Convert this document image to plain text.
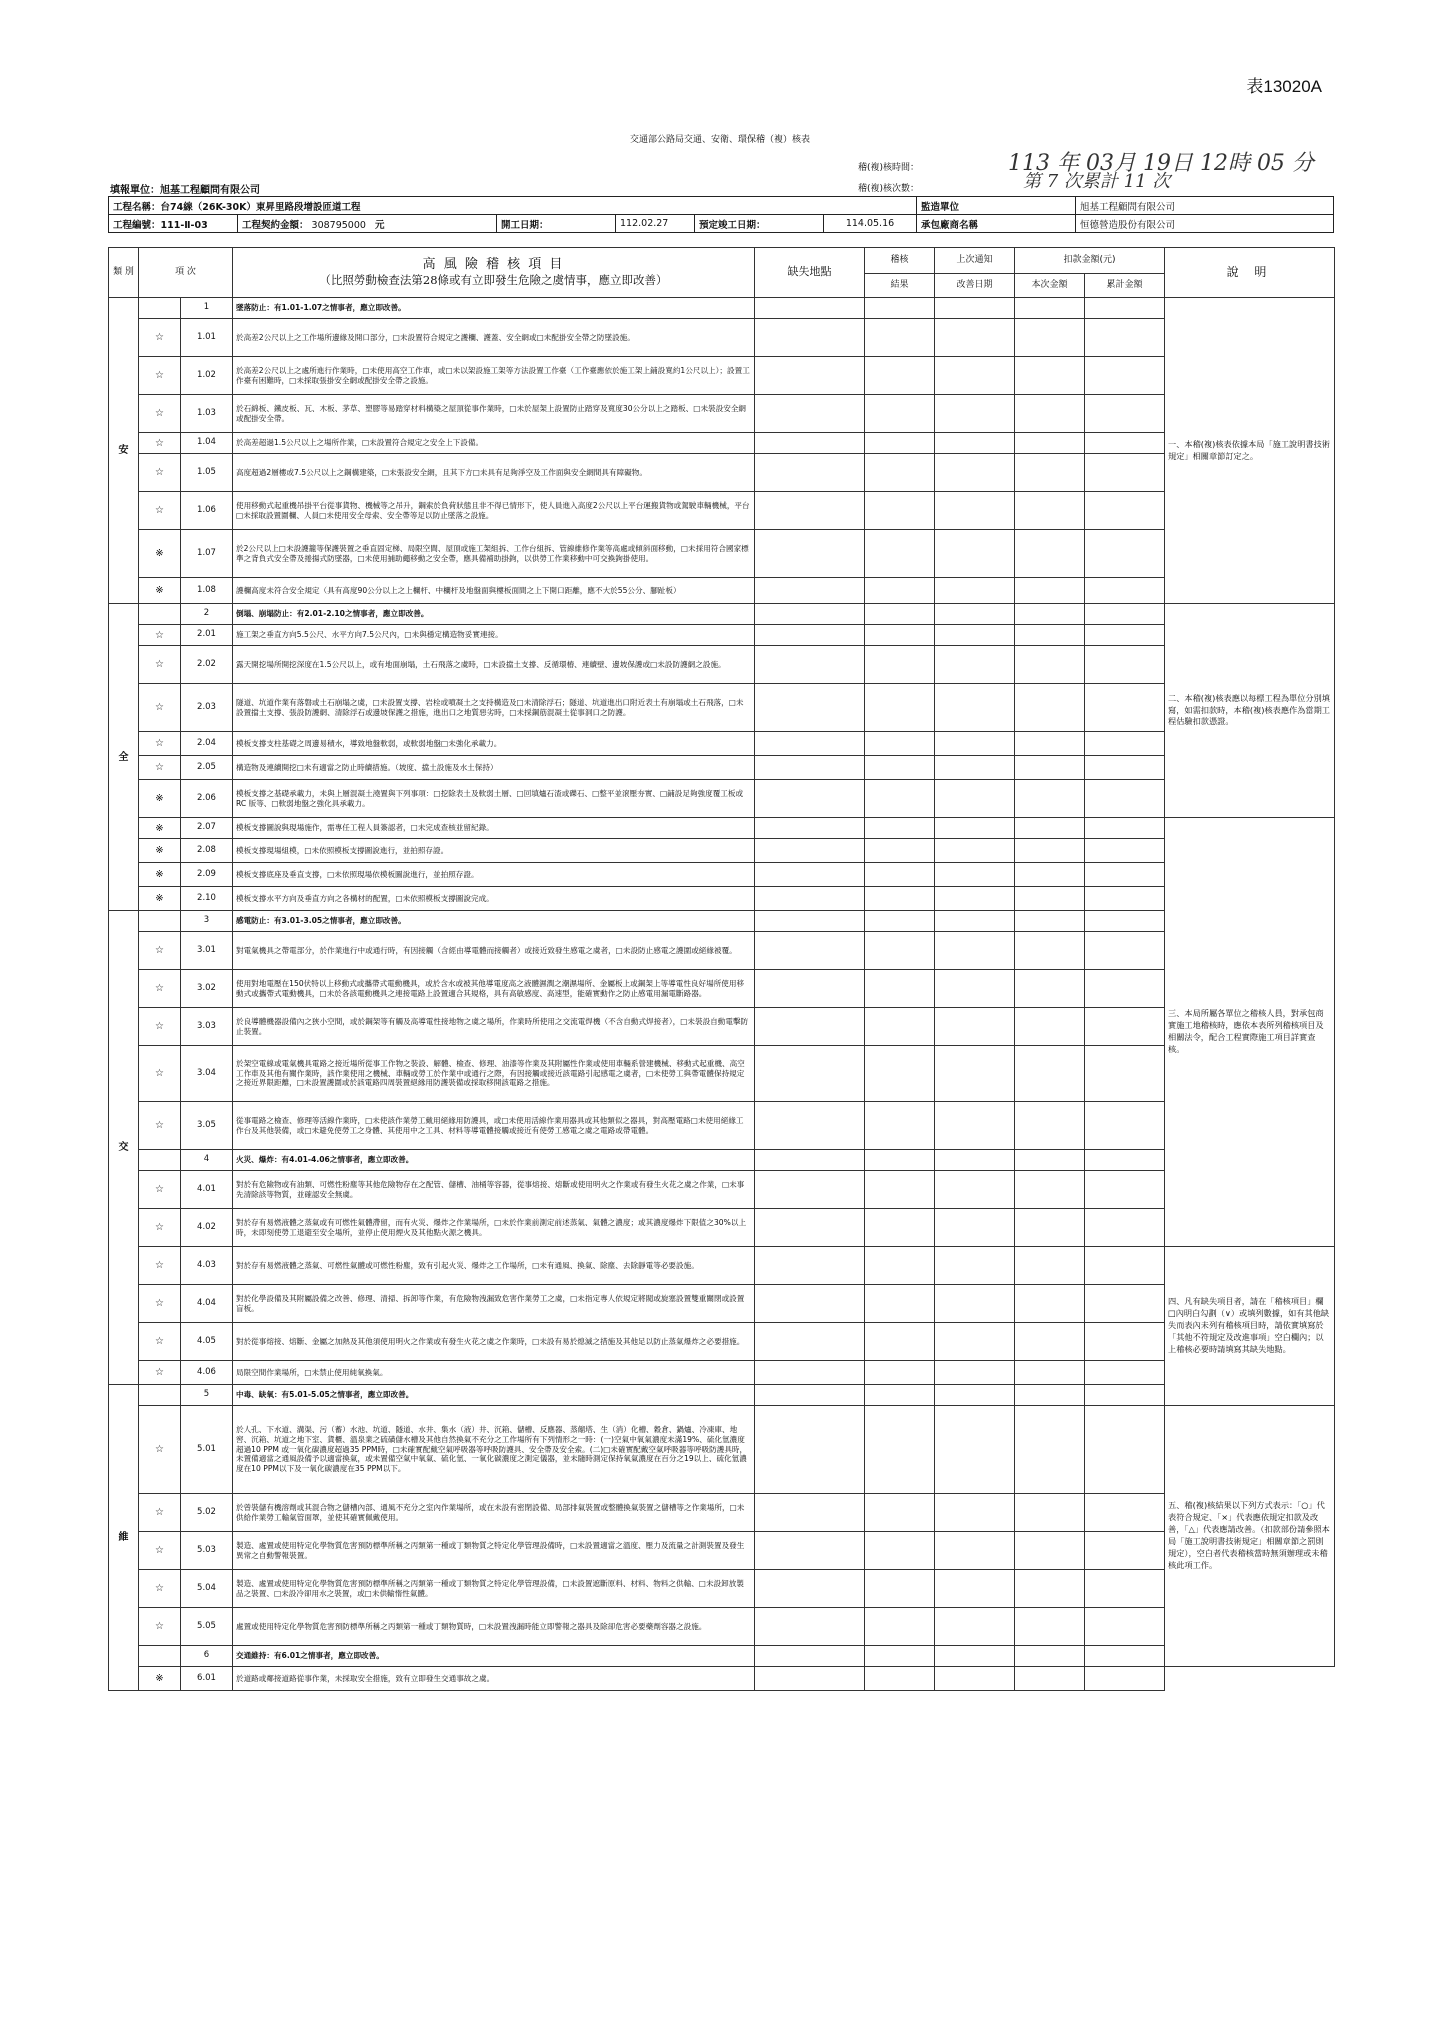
表13020A
交通部公路局交通、安衛、環保稽（複）核表
稽(複)核時間：	113 年 03月 19日 12時 05 分
稽(複)核次數：	第 7 次累計 11 次
填報單位：旭基工程顧問有限公司
工程名稱：台74線（26K-30K）東昇里路段增設匝道工程						監造單位	旭基工程顧問有限公司
工程編號：111-Ⅱ-03	工程契約金額： 308795000 元	開工日期：	112.02.27	預定竣工日期：	114.05.16	承包廠商名稱	恒德營造股份有限公司
類 別	項 次		高 風 險 稽 核 項 目
（比照勞動檢查法第28條或有立即發生危險之虞情事，應立即改善）	缺失地點	稽核	上次通知	扣款金額(元)		說 明
					結果	改善日期	本次金額	累計金額	
安		1	墜落防止：有1.01-1.07之情事者，應立即改善。						一、本稽(複)核表依據本局「施工說明書技術規定」相關章節訂定之。
	☆	1.01	於高差2公尺以上之工作場所邊緣及開口部分，□未設置符合規定之護欄、護蓋、安全網或□未配掛安全帶之防墜設施。						
	☆	1.02	於高差2公尺以上之處所進行作業時，□未使用高空工作車，或□未以架設施工架等方法設置工作臺（工作臺應依於施工架上鋪設寬約1公尺以上）；設置工作臺有困難時，□未採取張掛安全網或配掛安全帶之設施。						
	☆	1.03	於石綿板、鐵皮板、瓦、木板、茅草、塑膠等易踏穿材料構築之屋頂從事作業時，□未於屋架上設置防止踏穿及寬度30公分以上之踏板、□未裝設安全網或配掛安全帶。						
	☆	1.04	於高差超過1.5公尺以上之場所作業，□未設置符合規定之安全上下設備。						
	☆	1.05	高度超過2層樓或7.5公尺以上之鋼構建築，□未張設安全網，且其下方□未具有足夠淨空及工作面與安全網間具有障礙物。						
	☆	1.06	使用移動式起重機吊掛平台從事貨物、機械等之吊升，鋼索於負荷狀態且非不得已情形下，使人員進入高度2公尺以上平台運搬貨物或駕駛車輛機械，平台□未採取設置圍欄、人員□未使用安全母索、安全帶等足以防止墜落之設施。						
	※	1.07	於2公尺以上□未設護籠等保護裝置之垂直固定梯、局限空間、屋頂或施工架組拆、工作台組拆、管線維修作業等高處或傾斜面移動，□未採用符合國家標準之背負式安全帶及捲揚式防墜器，□未使用捕助繩移動之安全帶，應具備補助掛鉤，以供勞工作業移動中可交換鉤掛使用。						
	※	1.08	護欄高度未符合安全規定（具有高度90公分以上之上欄杆、中欄杆及地盤面與樓板面間之上下開口距離，應不大於55公分、腳趾板）						
全		2	倒塌、崩塌防止：有2.01-2.10之情事者，應立即改善。						二、本稽(複)核表應以每標工程為單位分別填寫，如需扣款時，本稽(複)核表應作為當期工程估驗扣款憑證。
	☆	2.01	施工架之垂直方向5.5公尺、水平方向7.5公尺內，□未與穩定構造物妥實連接。						
	☆	2.02	露天開挖場所開挖深度在1.5公尺以上，或有地面崩塌，土石飛落之虞時，□未設擋土支撐、反循環樁、連續壁、邊坡保護或□未設防護網之設施。						
	☆	2.03	隧道、坑道作業有落磐或土石崩塌之虞，□未設置支撐、岩栓或噴凝土之支持構造及□未清除浮石；隧道、坑道進出口附近表土有崩塌或土石飛落，□未設置擋土支撐、張設防護網、清除浮石或邊坡保護之措施，進出口之地質惡劣時，□未採鋼筋混凝土從事洞口之防護。						
	☆	2.04	模板支撐支柱基礎之周邊易積水，導致地盤軟弱，或軟弱地盤□未強化承載力。						
	☆	2.05	構造物及連續開挖□未有適當之防止時續措施。（坡度、擋土設施及水土保持）						
	※	2.06	模板支撐之基礎承載力，未與上層混凝土澆置與下列事項：□挖除表土及軟弱土層、□回填爐石渣或礫石、□整平並滾壓夯實、□鋪設足夠強度覆工板或RC 版等、□軟弱地盤之強化具承載力。						
	※	2.07	模板支撐圖說與現場施作，需專任工程人員簽認者，□未完成查核並留紀錄。						三、本局所屬各單位之稽核人員，對承包商實施工地稽核時，應依本表所列稽核項目及相關法令，配合工程實際施工項目詳實查核。
	※	2.08	模板支撐現場組模，□未依照模板支撐圖說進行，並拍照存證。						
	※	2.09	模板支撐底座及垂直支撐，□未依照現場依模板圖說進行，並拍照存證。						
	※	2.10	模板支撐水平方向及垂直方向之各構材的配置，□未依照模板支撐圖說完成。						
交		3	感電防止：有3.01-3.05之情事者，應立即改善。						
	☆	3.01	對電氣機具之帶電部分，於作業進行中或通行時，有因接觸（含經由導電體而接觸者）或接近致發生感電之虞者，□未設防止感電之護圍或絕緣被覆。						
	☆	3.02	使用對地電壓在150伏特以上移動式或攜帶式電動機具，或於含水或被其他導電度高之液體濕潤之潮濕場所、金屬板上或鋼架上等導電性良好場所使用移動式或攜帶式電動機具，□未於各該電動機具之連接電路上設置適合其規格，具有高敏感度、高速型，能確實動作之防止感電用漏電斷路器。						
	☆	3.03	於良導體機器設備內之狹小空間，或於鋼架等有觸及高導電性接地物之虞之場所，作業時所使用之交流電焊機（不含自動式焊接者），□未裝設自動電擊防止裝置。						
	☆	3.04	於架空電線或電氣機具電路之接近場所從事工作物之裝設、解體、檢查、修理、油漆等作業及其附屬性作業或使用車輛系營建機械、移動式起重機、高空工作車及其他有關作業時，該作業使用之機械、車輛或勞工於作業中或通行之際，有因接觸或接近該電路引起感電之虞者，□未使勞工與帶電體保持規定之接近界限距離，□未設置護圍或於該電路四周裝置絕緣用防護裝備或採取移開該電路之措施。						
	☆	3.05	從事電路之檢查、修理等活線作業時，□未使該作業勞工戴用絕緣用防護具，或□未使用活線作業用器具或其他類似之器具，對高壓電路□未使用絕緣工作台及其他裝備，或□未避免使勞工之身體、其使用中之工具、材料等導電體接觸或接近有使勞工感電之虞之電路或帶電體。						
		4	火災、爆炸：有4.01-4.06之情事者，應立即改善。						
	☆	4.01	對於有危險物或有油類、可燃性粉塵等其他危險物存在之配管、儲槽、油桶等容器，從事熔接、熔斷或使用明火之作業或有發生火花之虞之作業，□未事先清除該等物質，並確認安全無虞。						
	☆	4.02	對於存有易燃液體之蒸氣或有可燃性氣體滯留，而有火災、爆炸之作業場所，□未於作業前測定前述蒸氣、氣體之濃度；或其濃度爆炸下限值之30%以上時，未即刻使勞工退避至安全場所，並停止使用煙火及其他點火源之機具。						
	☆	4.03	對於存有易燃液體之蒸氣、可燃性氣體或可燃性粉塵，致有引起火災、爆炸之工作場所，□未有通風、換氣、除塵、去除靜電等必要設施。						四、凡有缺失項目者，請在「稽核項目」欄□內明白勾劃（∨）或填列數據，如有其他缺失而表內未列有稽核項目時，請依實填寫於「其他不符規定及改進事項」空白欄內；以上稽核必要時請填寫其缺失地點。
	☆	4.04	對於化學設備及其附屬設備之改善、修理、清掃、拆卸等作業，有危險物洩漏致危害作業勞工之虞，□未指定專人依規定將閥或旋塞設置雙重關閉或設置盲板。						
	☆	4.05	對於從事熔接、熔斷、金屬之加熱及其他須使用明火之作業或有發生火花之虞之作業時，□未設有易於熄滅之措施及其他足以防止蒸氣爆炸之必要措施。						
	☆	4.06	局限空間作業場所，□未禁止使用純氧換氣。						
維		5	中毒、缺氧：有5.01-5.05之情事者，應立即改善。						
	☆	5.01	於人孔、下水道、溝渠、污（蓄）水池、坑道、隧道、水井、集水（液）井、沉箱、儲槽、反應器、蒸餾塔、生（消）化槽、穀倉、鍋爐、冷凍庫、地窖、沉箱、坑道之地下室、貨櫃、溫泉業之硫磺儲水槽及其他自然換氣不充分之工作場所有下列情形之一時：(一)空氣中氧氣濃度未滿19%、硫化氫濃度超過10 PPM 或一氧化碳濃度超過35 PPM時，□未確實配戴空氣呼吸器等呼吸防護具、安全帶及安全索。(二)□未確實配戴空氣呼吸器等呼吸防護具時，未置備適當之通風設備予以適當換氣，或未置備空氣中氧氣、硫化氫、一氧化碳濃度之測定儀器，並未隨時測定保持氧氣濃度在百分之19以上、硫化氫濃度在10 PPM以下及一氧化碳濃度在35 PPM以下。						五、稽(複)核結果以下列方式表示：「○」代表符合規定、「×」代表應依規定扣款及改善，「△」代表應請改善。（扣款部份請參照本局「施工說明書技術規定」相關章節之罰則規定），空白者代表稽核當時無須辦理或未稽核此項工作。
	☆	5.02	於曾裝儲有機溶劑或其混合物之儲槽內部、通風不充分之室內作業場所，或在未設有密閉設備、局部排氣裝置或整體換氣裝置之儲槽等之作業場所，□未供給作業勞工輸氣管面罩，並使其確實佩戴使用。						
	☆	5.03	製造、處置或使用特定化學物質危害預防標準所稱之丙類第一種或丁類物質之特定化學管理設備時，□未設置適當之溫度、壓力及流量之計測裝置及發生異常之自動警報裝置。						
	☆	5.04	製造、處置或使用特定化學物質危害預防標準所稱之丙類第一種或丁類物質之特定化學管理設備，□未設置遮斷原料、材料、物料之供輸、□未設卸放製品之裝置、□未設冷卻用水之裝置，或□未供輸惰性氣體。						
	☆	5.05	處置或使用特定化學物質危害預防標準所稱之丙類第一種或丁類物質時，□未設置洩漏時能立即警報之器具及除卻危害必要藥劑容器之設施。						
		6	交通維持：有6.01之情事者，應立即改善。						
	※	6.01	於道路或鄰接道路從事作業，未採取安全措施，致有立即發生交通事故之虞。						
